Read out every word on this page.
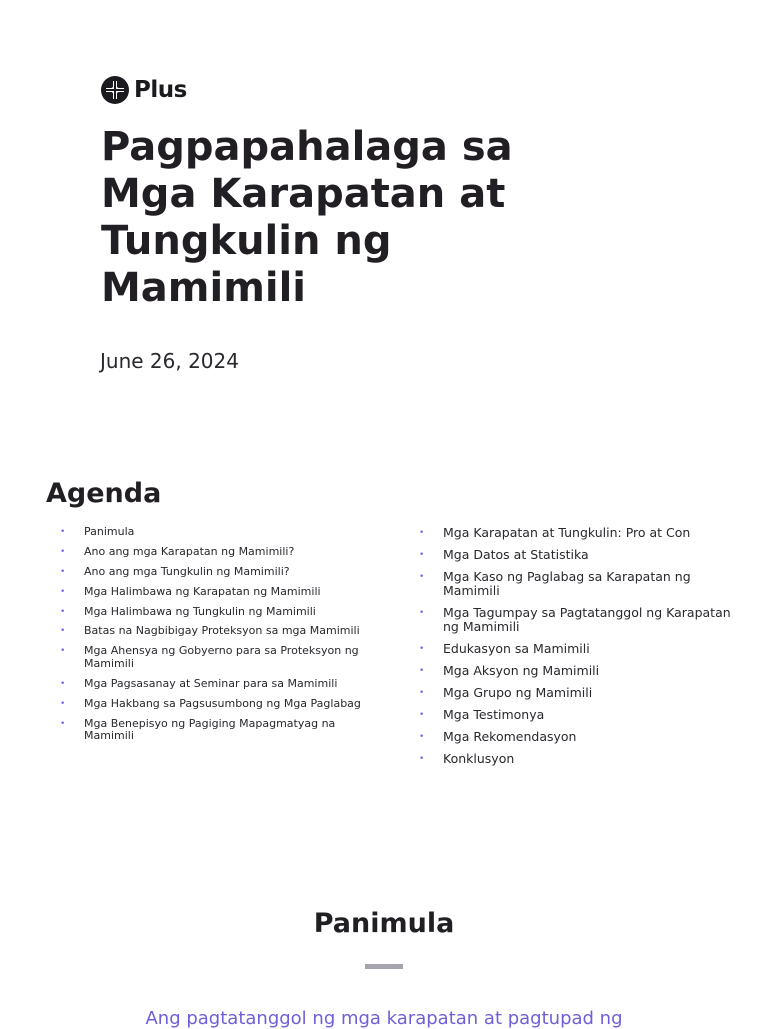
Plus
Pagpapahalaga sa Mga Karapatan at Tungkulin ng Mamimili
June 26, 2024
Agenda
•	Panimula
•	Ano ang mga Karapatan ng Mamimili?
•	Ano ang mga Tungkulin ng Mamimili?
•	Mga Halimbawa ng Karapatan ng Mamimili
•	Mga Halimbawa ng Tungkulin ng Mamimili
•	Batas na Nagbibigay Proteksyon sa mga Mamimili
•	Mga Ahensya ng Gobyerno para sa Proteksyon ng Mamimili
•	Mga Pagsasanay at Seminar para sa Mamimili
•	Mga Hakbang sa Pagsusumbong ng Mga Paglabag
•	Mga Benepisyo ng Pagiging Mapagmatyag na Mamimili
•	Mga Karapatan at Tungkulin: Pro at Con
•	Mga Datos at Statistika
•	Mga Kaso ng Paglabag sa Karapatan ng Mamimili
•	Mga Tagumpay sa Pagtatanggol ng Karapatan ng Mamimili
•	Edukasyon sa Mamimili
•	Mga Aksyon ng Mamimili
•	Mga Grupo ng Mamimili
•	Mga Testimonya
•	Mga Rekomendasyon
•	Konklusyon
Panimula
Ang pagtatanggol ng mga karapatan at pagtupad ng
